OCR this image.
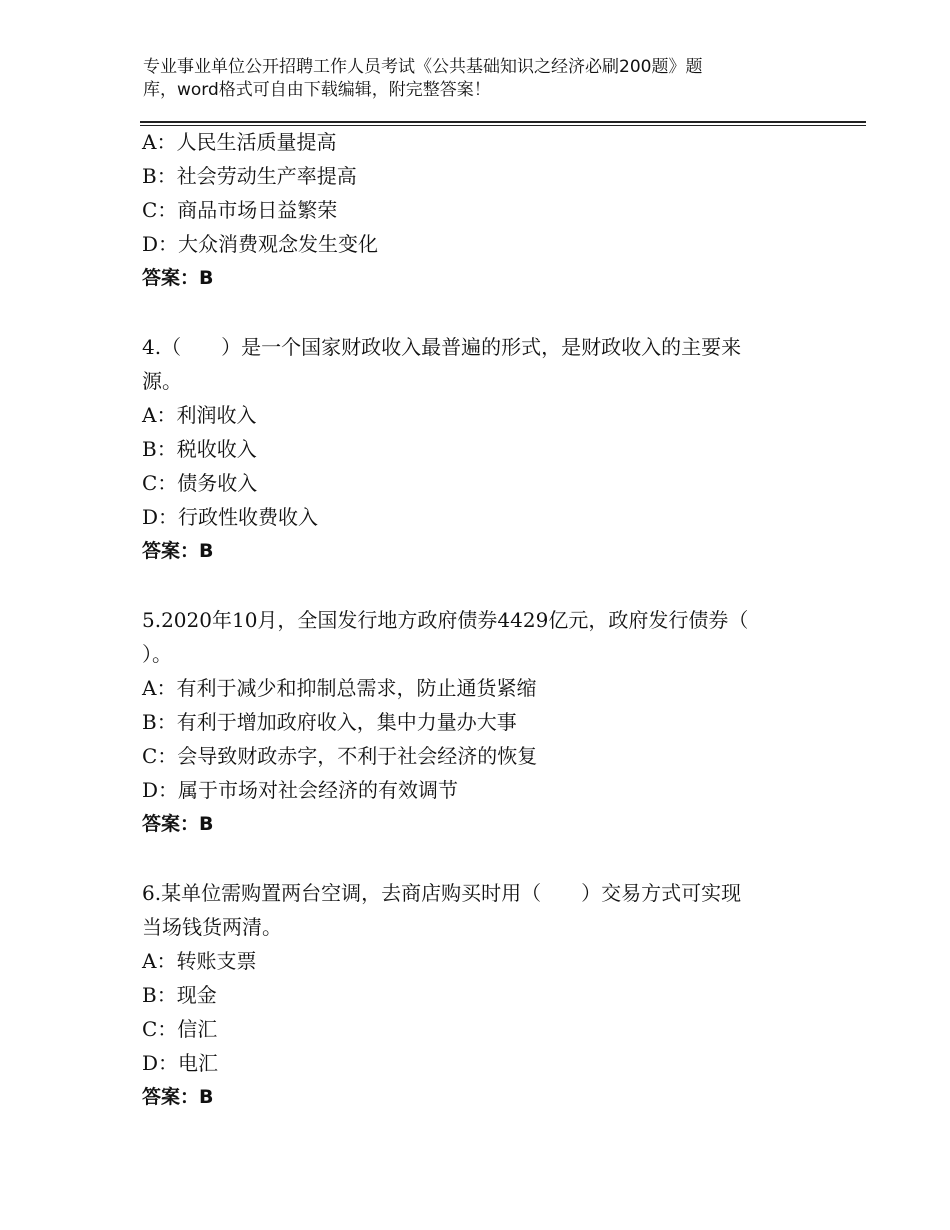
专业事业单位公开招聘工作人员考试《公共基础知识之经济必刷200题》题
库，word格式可自由下载编辑，附完整答案！
A：人民生活质量提高
B：社会劳动生产率提高
C：商品市场日益繁荣
D：大众消费观念发生变化
答案：B
4.（　　）是一个国家财政收入最普遍的形式，是财政收入的主要来
源。
A：利润收入
B：税收收入
C：债务收入
D：行政性收费收入
答案：B
5.2020年10月，全国发行地方政府债券4429亿元，政府发行债券（
）。
A：有利于减少和抑制总需求，防止通货紧缩
B：有利于增加政府收入，集中力量办大事
C：会导致财政赤字，不利于社会经济的恢复
D：属于市场对社会经济的有效调节
答案：B
6.某单位需购置两台空调，去商店购买时用（　　）交易方式可实现
当场钱货两清。
A：转账支票
B：现金
C：信汇
D：电汇
答案：B
